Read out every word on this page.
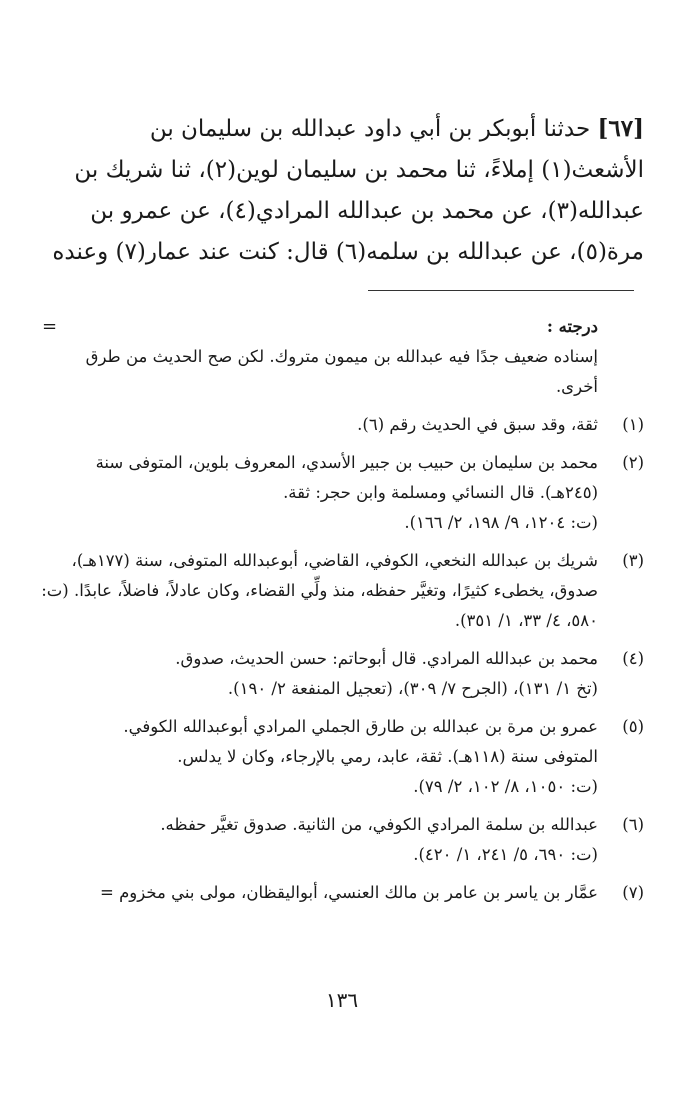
[٦٧] حدثنا أبوبكر بن أبي داود عبدالله بن سليمان بن

الأشعث(١) إملاءً، ثنا محمد بن سليمان لوين(٢)، ثنا شريك بن

عبدالله(٣)، عن محمد بن عبدالله المرادي(٤)، عن عمرو بن

مرة(٥)، عن عبدالله بن سلمه(٦) قال: كنت عند عمار(٧) وعنده

=	درجته :

إسناده ضعيف جدًا فيه عبدالله بن ميمون متروك. لكن صح الحديث من طرق أخرى.

(١)

ثقة، وقد سبق في الحديث رقم (٦).

(٢)

محمد بن سليمان بن حبيب بن جبير الأسدي، المعروف بلوين، المتوفى سنة (٢٤٥هـ). قال النسائي ومسلمة وابن حجر: ثقة.

(ت: ١٢٠٤، ٩/ ١٩٨، ٢/ ١٦٦).

(٣)

شريك بن عبدالله النخعي، الكوفي، القاضي، أبوعبدالله المتوفى، سنة (١٧٧هـ)، صدوق، يخطىء كثيرًا، وتغيَّر حفظه، منذ ولِّي القضاء، وكان عادلاً، فاضلاً، عابدًا. (ت: ٥٨٠، ٤/ ٣٣، ١/ ٣٥١).

(٤)

محمد بن عبدالله المرادي. قال أبوحاتم: حسن الحديث، صدوق.

(تخ ١/ ١٣١)، (الجرح ٧/ ٣٠٩)، (تعجيل المنفعة ٢/ ١٩٠).

(٥)

عمرو بن مرة بن عبدالله بن طارق الجملي المرادي أبوعبدالله الكوفي.

المتوفى سنة (١١٨هـ). ثقة، عابد، رمي بالإرجاء، وكان لا يدلس.

(ت: ١٠٥٠، ٨/ ١٠٢، ٢/ ٧٩).

(٦)

عبدالله بن سلمة المرادي الكوفي، من الثانية. صدوق تغيَّر حفظه.

(ت: ٦٩٠، ٥/ ٢٤١، ١/ ٤٢٠).

(٧)

عمَّار بن ياسر بن عامر بن مالك العنسي، أبواليقظان، مولى بني مخزوم =

١٣٦
